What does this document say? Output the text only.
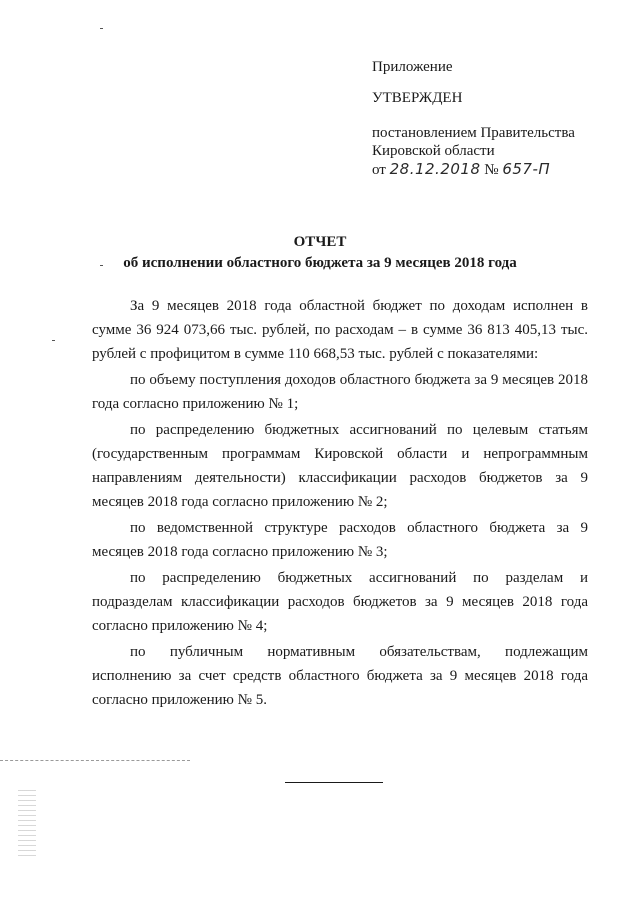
Приложение
УТВЕРЖДЕН
постановлением Правительства
Кировской области
от 28.12.2018 № 657-П
ОТЧЕТ
об исполнении областного бюджета за 9 месяцев 2018 года

За 9 месяцев 2018 года областной бюджет по доходам исполнен в сумме 36 924 073,66 тыс. рублей, по расходам – в сумме 36 813 405,13 тыс. рублей с профицитом в сумме 110 668,53 тыс. рублей с показателями:

по объему поступления доходов областного бюджета за 9 месяцев 2018 года согласно приложению № 1;

по распределению бюджетных ассигнований по целевым статьям (государственным программам Кировской области и непрограммным направлениям деятельности) классификации расходов бюджетов за 9 месяцев 2018 года согласно приложению № 2;

по ведомственной структуре расходов областного бюджета за 9 месяцев 2018 года согласно приложению № 3;

по распределению бюджетных ассигнований по разделам и подразделам классификации расходов бюджетов за 9 месяцев 2018 года согласно приложению № 4;

по публичным нормативным обязательствам, подлежащим исполнению за счет средств областного бюджета за 9 месяцев 2018 года согласно приложению № 5.
